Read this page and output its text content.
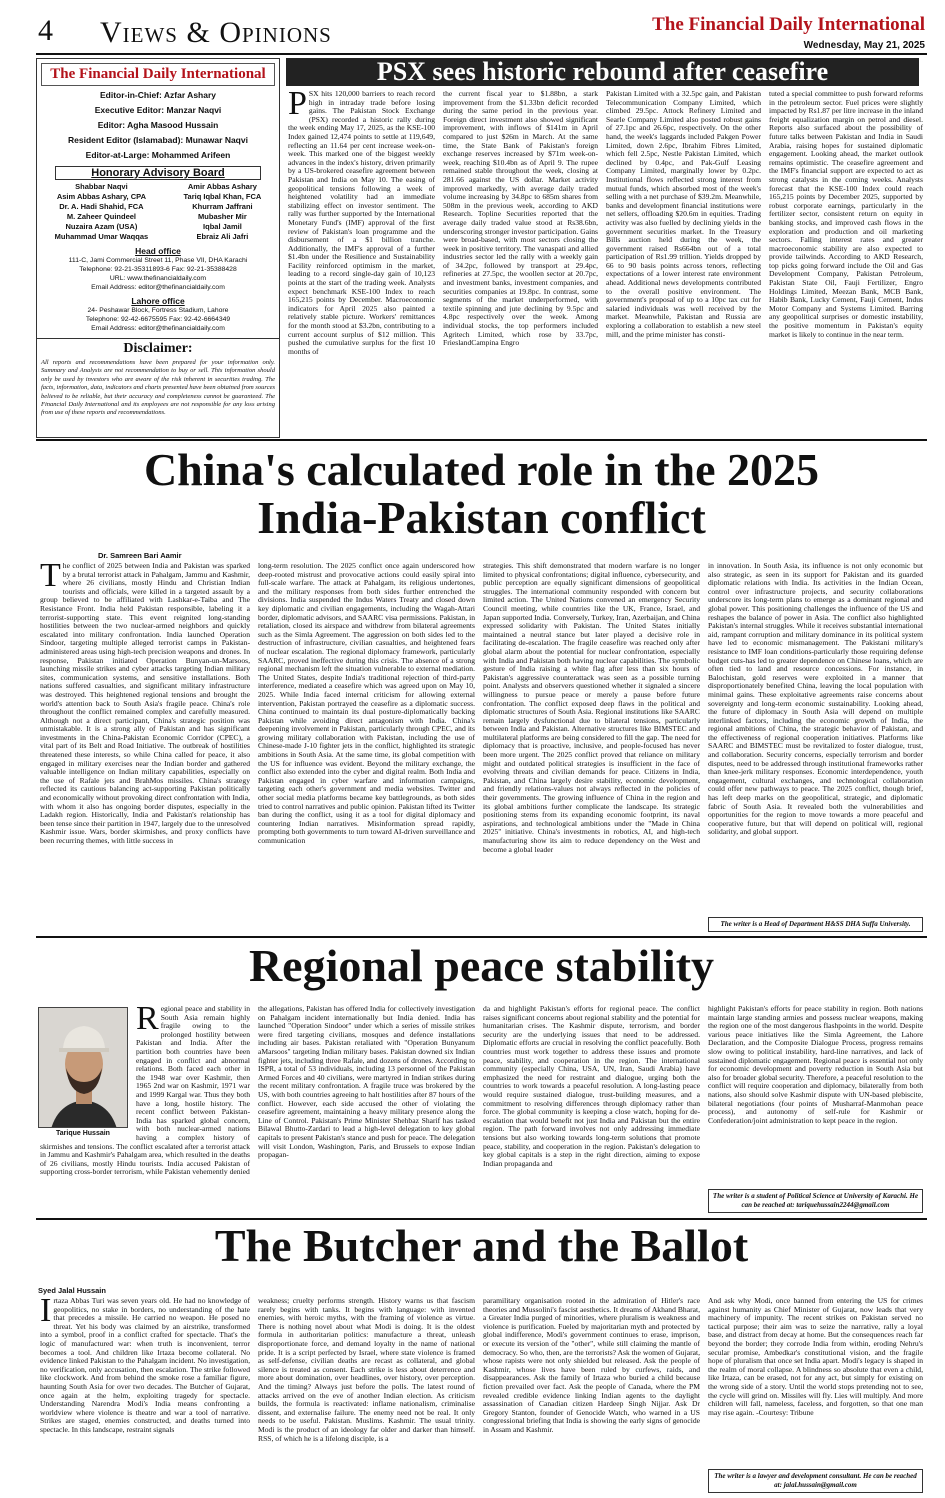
4 Views & Opinions	The Financial Daily International
Wednesday, May 21, 2025
The Financial Daily International
Editor-in-Chief: Azfar Ashary
Executive Editor: Manzar Naqvi
Editor: Agha Masood Hussain
Resident Editor (Islamabad): Munawar Naqvi
Editor-at-Large: Mohammed Arifeen
Honorary Advisory Board
Shabbar Naqvi
Asim Abbas Ashary, CPA
Dr. A. Hadi Shahid, FCA
M. Zaheer Quindeel
Nuzaira Azam (USA)
Muhammad Umar Waqqas
Amir Abbas Ashary
Tariq Iqbal Khan, FCA
Khurram Jaffrani
Mubasher Mir
Iqbal Jamil
Ebraiz Ali Jafri
Head office
111-C, Jami Commercial Street 11, Phase VII, DHA Karachi
Telephone: 92-21-35311893-6 Fax: 92-21-35388428
URL: www.thefinancialdaily.com
Email Address: editor@thefinancialdaily.com
Lahore office
24- Peshawar Block, Fortress Stadium, Lahore
Telephone: 92-42-6675595 Fax: 92-42-6664349
Email Address: editor@thefinancialdaily.com
Disclaimer:
All reports and recommendations have been prepared for your information only. Summary and Analysis are not recommendation to buy or sell. This information should only be used by investors who are aware of the risk inherent in securities trading. The facts, information, data, indicators and charts presented have been obtained from sources believed to be reliable, but their accuracy and completeness cannot be guaranteed. The Financial Daily International and its employees are not responsible for any loss arising from use of these reports and recommendations.
PSX sees historic rebound after ceasefire
PSX hits 120,000 barriers to reach record high in intraday trade before losing gains. The Pakistan Stock Exchange (PSX) recorded a historic rally during the week ending May 17, 2025, as the KSE-100 Index gained 12,474 points to settle at 119,649, reflecting an 11.64 per cent increase week-on-week. This marked one of the biggest weekly advances in the index's history, driven primarily by a US-brokered ceasefire agreement between Pakistan and India on May 10. The easing of geopolitical tensions following a week of heightened volatility had an immediate stabilizing effect on investor sentiment. The rally was further supported by the International Monetary Fund's (IMF) approval of the first review of Pakistan's loan programme and the disbursement of a $1 billion tranche. Additionally, the IMF's approval of a further $1.4bn under the Resilience and Sustainability Facility reinforced optimism in the market, leading to a record single-day gain of 10,123 points at the start of the trading week. Analysts expect benchmark KSE-100 Index to reach 165,215 points by December. Macroeconomic indicators for April 2025 also painted a relatively stable picture. Workers' remittances for the month stood at $3.2bn, contributing to a current account surplus of $12 million. This pushed the cumulative surplus for the first 10 months of
the current fiscal year to $1.88bn, a stark improvement from the $1.33bn deficit recorded during the same period in the previous year. Foreign direct investment also showed significant improvement, with inflows of $141m in April compared to just $26m in March. At the same time, the State Bank of Pakistan's foreign exchange reserves increased by $71m week-on-week, reaching $10.4bn as of April 9. The rupee remained stable throughout the week, closing at 281.66 against the US dollar. Market activity improved markedly, with average daily traded volume increasing by 34.8pc to 685m shares from 508m in the previous week, according to AKD Research. Topline Securities reported that the average daily traded value stood at Rs38.6bn, underscoring stronger investor participation. Gains were broad-based, with most sectors closing the week in positive territory. The vanaspati and allied industries sector led the rally with a weekly gain of 34.2pc, followed by transport at 29.4pc, refineries at 27.5pc, the woollen sector at 20.7pc, and investment banks, investment companies, and securities companies at 19.8pc. In contrast, some segments of the market underperformed, with textile spinning and jute declining by 9.5pc and 4.8pc respectively over the week. Among individual stocks, the top performers included Agritech Limited, which rose by 33.7pc, FrieslandCampina Engro
Pakistan Limited with a 32.5pc gain, and Pakistan Telecommunication Company Limited, which climbed 29.5pc. Attock Refinery Limited and Searle Company Limited also posted robust gains of 27.1pc and 26.6pc, respectively. On the other hand, the week's laggards included Pakgen Power Limited, down 2.6pc, Ibrahim Fibres Limited, which fell 2.5pc, Nestle Pakistan Limited, which declined by 0.4pc, and Pak-Gulf Leasing Company Limited, marginally lower by 0.2pc. Institutional flows reflected strong interest from mutual funds, which absorbed most of the week's selling with a net purchase of $39.2m. Meanwhile, banks and development financial institutions were net sellers, offloading $20.6m in equities. Trading activity was also fuelled by declining yields in the government securities market. In the Treasury Bills auction held during the week, the government raised Rs664bn out of a total participation of Rs1.99 trillion. Yields dropped by 66 to 90 basis points across tenors, reflecting expectations of a lower interest rate environment ahead. Additional news developments contributed to the overall positive environment. The government's proposal of up to a 10pc tax cut for salaried individuals was well received by the market. Meanwhile, Pakistan and Russia are exploring a collaboration to establish a new steel mill, and the prime minister has consti-
tuted a special committee to push forward reforms in the petroleum sector. Fuel prices were slightly impacted by Rs1.87 per litre increase in the inland freight equalization margin on petrol and diesel. Reports also surfaced about the possibility of future talks between Pakistan and India in Saudi Arabia, raising hopes for sustained diplomatic engagement. Looking ahead, the market outlook remains optimistic. The ceasefire agreement and the IMF's financial support are expected to act as strong catalysts in the coming weeks. Analysts forecast that the KSE-100 Index could reach 165,215 points by December 2025, supported by robust corporate earnings, particularly in the fertilizer sector, consistent return on equity in banking stocks, and improved cash flows in the exploration and production and oil marketing sectors. Falling interest rates and greater macroeconomic stability are also expected to provide tailwinds. According to AKD Research, top picks going forward include the Oil and Gas Development Company, Pakistan Petroleum, Pakistan State Oil, Fauji Fertilizer, Engro Holdings Limited, Meezan Bank, MCB Bank, Habib Bank, Lucky Cement, Fauji Cement, Indus Motor Company and Systems Limited. Barring any geopolitical surprises or domestic instability, the positive momentum in Pakistan's equity market is likely to continue in the near term.
China's calculated role in the 2025
India-Pakistan conflict
Dr. Samreen Bari Aamir
The conflict of 2025 between India and Pakistan was sparked by a brutal terrorist attack in Pahalgam, Jammu and Kashmir, where 26 civilians, mostly Hindu and Christian Indian tourists and officials, were killed in a targeted assault by a group believed to be affiliated with Lashkar-e-Taiba and The Resistance Front. India held Pakistan responsible, labeling it a terrorist-supporting state. This event reignited long-standing hostilities between the two nuclear-armed neighbors and quickly escalated into military confrontation. India launched Operation Sindoor, targeting multiple alleged terrorist camps in Pakistan-administered areas using high-tech precision weapons and drones. In response, Pakistan initiated Operation Bunyan-un-Marsoos, launching missile strikes and cyber attacks targeting Indian military sites, communication systems, and sensitive installations. Both nations suffered casualties, and significant military infrastructure was destroyed. This heightened regional tensions and brought the world's attention back to South Asia's fragile peace. China's role throughout the conflict remained complex and carefully measured. Although not a direct participant, China's strategic position was unmistakable. It is a strong ally of Pakistan and has significant investments in the China-Pakistan Economic Corridor (CPEC), a vital part of its Belt and Road Initiative. The outbreak of hostilities threatened these interests, so while China called for peace, it also engaged in military exercises near the Indian border and gathered valuable intelligence on Indian military capabilities, especially on the use of Rafale jets and BrahMos missiles. China's strategy reflected its cautious balancing act-supporting Pakistan politically and economically without provoking direct confrontation with India, with whom it also has ongoing border disputes, especially in the Ladakh region. Historically, India and Pakistan's relationship has been tense since their partition in 1947, largely due to the unresolved Kashmir issue. Wars, border skirmishes, and proxy conflicts have been recurring themes, with little success in
long-term resolution. The 2025 conflict once again underscored how deep-rooted mistrust and provocative actions could easily spiral into full-scale warfare. The attack at Pahalgam, its religious undertones, and the military responses from both sides further entrenched the divisions. India suspended the Indus Waters Treaty and closed down key diplomatic and civilian engagements, including the Wagah-Attari border, diplomatic advisors, and SAARC visa permissions. Pakistan, in retaliation, closed its airspace and withdrew from bilateral agreements such as the Simla Agreement. The aggression on both sides led to the destruction of infrastructure, civilian casualties, and heightened fears of nuclear escalation. The regional diplomacy framework, particularly SAARC, proved ineffective during this crisis. The absence of a strong regional mechanism left the situation vulnerable to external mediation. The United States, despite India's traditional rejection of third-party interference, mediated a ceasefire which was agreed upon on May 10, 2025. While India faced internal criticism for allowing external intervention, Pakistan portrayed the ceasefire as a diplomatic success. China continued to maintain its dual posture-diplomatically backing Pakistan while avoiding direct antagonism with India. China's deepening involvement in Pakistan, particularly through CPEC, and its growing military collaboration with Pakistan, including the use of Chinese-made J-10 fighter jets in the conflict, highlighted its strategic ambitions in South Asia. At the same time, its global competition with the US for influence was evident. Beyond the military exchange, the conflict also extended into the cyber and digital realm. Both India and Pakistan engaged in cyber warfare and information campaigns, targeting each other's government and media websites. Twitter and other social media platforms became key battlegrounds, as both sides tried to control narratives and public opinion. Pakistan lifted its Twitter ban during the conflict, using it as a tool for digital diplomacy and countering Indian narratives. Misinformation spread rapidly, prompting both governments to turn toward AI-driven surveillance and communication
strategies. This shift demonstrated that modern warfare is no longer limited to physical confrontations; digital influence, cybersecurity, and public perception are equally significant dimensions of geopolitical struggles. The international community responded with concern but limited action. The United Nations convened an emergency Security Council meeting, while countries like the UK, France, Israel, and Japan supported India. Conversely, Turkey, Iran, Azerbaijan, and China expressed solidarity with Pakistan. The United States initially maintained a neutral stance but later played a decisive role in facilitating de-escalation. The fragile ceasefire was reached only after global alarm about the potential for nuclear confrontation, especially with India and Pakistan both having nuclear capabilities. The symbolic gesture of India raising a white flag after less than six hours of Pakistan's aggressive counterattack was seen as a possible turning point. Analysts and observers questioned whether it signaled a sincere willingness to pursue peace or merely a pause before future confrontation. The conflict exposed deep flaws in the political and diplomatic structures of South Asia. Regional institutions like SAARC remain largely dysfunctional due to bilateral tensions, particularly between India and Pakistan. Alternative structures like BIMSTEC and multilateral platforms are being considered to fill the gap. The need for diplomacy that is proactive, inclusive, and people-focused has never been more urgent. The 2025 conflict proved that reliance on military might and outdated political strategies is insufficient in the face of evolving threats and civilian demands for peace. Citizens in India, Pakistan, and China largely desire stability, economic development, and friendly relations-values not always reflected in the policies of their governments. The growing influence of China in the region and its global ambitions further complicate the landscape. Its strategic positioning stems from its expanding economic footprint, its naval aspirations, and technological ambitions under the "Made in China 2025" initiative. China's investments in robotics, AI, and high-tech manufacturing show its aim to reduce dependency on the West and become a global leader
in innovation. In South Asia, its influence is not only economic but also strategic, as seen in its support for Pakistan and its guarded diplomatic relations with India. Its activities in the Indian Ocean, control over infrastructure projects, and security collaborations underscore its long-term plans to emerge as a dominant regional and global power. This positioning challenges the influence of the US and reshapes the balance of power in Asia. The conflict also highlighted Pakistan's internal struggles. While it receives substantial international aid, rampant corruption and military dominance in its political system have led to economic mismanagement. The Pakistani military's resistance to IMF loan conditions-particularly those requiring defense budget cuts-has led to greater dependence on Chinese loans, which are often tied to land and resource concessions. For instance, in Balochistan, gold reserves were exploited in a manner that disproportionately benefited China, leaving the local population with minimal gains. These exploitative agreements raise concerns about sovereignty and long-term economic sustainability. Looking ahead, the future of diplomacy in South Asia will depend on multiple interlinked factors, including the economic growth of India, the regional ambitions of China, the strategic behavior of Pakistan, and the effectiveness of regional cooperation initiatives. Platforms like SAARC and BIMSTEC must be revitalized to foster dialogue, trust, and collaboration. Security concerns, especially terrorism and border disputes, need to be addressed through institutional frameworks rather than knee-jerk military responses. Economic interdependence, youth engagement, cultural exchanges, and technological collaboration could offer new pathways to peace. The 2025 conflict, though brief, has left deep marks on the geopolitical, strategic, and diplomatic fabric of South Asia. It revealed both the vulnerabilities and opportunities for the region to move towards a more peaceful and cooperative future, but that will depend on political will, regional solidarity, and global support.
The writer is a Head of Department H&SS DHA Suffa University.
Regional peace stability
Tarique Hussain
Regional peace and stability in South Asia remain highly fragile owing to the prolonged hostility between Pakistan and India. After the partition both countries have been engaged in conflict and abnormal relations. Both faced each other in the 1948 war over Kashmir, then 1965 2nd war on Kashmir, 1971 war and 1999 Kargal war. Thus they both have a long, hostile history. The recent conflict between Pakistan-India has sparked global concern, with both nuclear-armed nations having a complex history of skirmishes and tensions. The conflict escalated after a terrorist attack in Jammu and Kashmir's Pahalgam area, which resulted in the deaths of 26 civilians, mostly Hindu tourists. India accused Pakistan of supporting cross-border terrorism, while Pakistan vehemently denied
the allegations, Pakistan has offered India for collectively investigation on Pahalgam incident internationally but India denied. India has launched "Operation Sindoor" under which a series of missile strikes were fired targeting civilians, mosques and defence installations including air bases. Pakistan retaliated with "Operation Bunyanum aMarsoos" targeting Indian military bases. Pakistan downed six Indian fighter jets, including three Rafale, and dozens of drones. According to ISPR, a total of 53 individuals, including 13 personnel of the Pakistan Armed Forces and 40 civilians, were martyred in Indian strikes during the recent military confrontation. A fragile truce was brokered by the US, with both countries agreeing to halt hostilities after 87 hours of the conflict. However, each side accused the other of violating the ceasefire agreement, maintaining a heavy military presence along the Line of Control. Pakistan's Prime Minister Shehbaz Sharif has tasked Bilawal Bhutto-Zardari to lead a high-level delegation to key global capitals to present Pakistan's stance and push for peace. The delegation will visit London, Washington, Paris, and Brussels to expose Indian propagan-
da and highlight Pakistan's efforts for regional peace. The conflict raises significant concerns about regional stability and the potential for humanitarian crises. The Kashmir dispute, terrorism, and border security are the underlying issues that need to be addressed. Diplomatic efforts are crucial in resolving the conflict peacefully. Both countries must work together to address these issues and promote peace, stability, and cooperation in the region. The international community (especially China, USA, UN, Iran, Saudi Arabia) have emphasized the need for restraint and dialogue, urging both the countries to work towards a peaceful resolution. A long-lasting peace would require sustained dialogue, trust-building measures, and a commitment to resolving differences through diplomacy rather than force. The global community is keeping a close watch, hoping for de-escalation that would benefit not just India and Pakistan but the entire region. The path forward involves not only addressing immediate tensions but also working towards long-term solutions that promote peace, stability, and cooperation in the region. Pakistan's delegation to key global capitals is a step in the right direction, aiming to expose Indian propaganda and
highlight Pakistan's efforts for peace stability in region. Both nations maintain large standing armies and possess nuclear weapons, making the region one of the most dangerous flashpoints in the world. Despite various peace initiatives like the Simla Agreement, the Lahore Declaration, and the Composite Dialogue Process, progress remains slow owing to political instability, hard-line narratives, and lack of sustained diplomatic engagement. Regional peace is essential not only for economic development and poverty reduction in South Asia but also for broader global security. Therefore, a peaceful resolution to the conflict will require cooperation and diplomacy, bilaterally from both nations, also should solve Kashmir dispute with UN-based plebiscite, bilateral negotiations (four points of Musharraf-Manmohan peace process), and autonomy of self-rule for Kashmir or Confederation/joint administration to kept peace in the region.
The writer is a student of Political Science at University of Karachi. He can be reached at: tariquehussain2244@gmail.com
The Butcher and the Ballot
Syed Jalal Hussain
Irtaza Abbas Turi was seven years old. He had no knowledge of geopolitics, no stake in borders, no understanding of the hate that precedes a missile. He carried no weapon. He posed no threat. Yet his body was claimed by an airstrike, transformed into a symbol, proof in a conflict crafted for spectacle. That's the logic of manufactured war: when truth is inconvenient, terror becomes a tool. And children like Irtaza become collateral. No evidence linked Pakistan to the Pahalgam incident. No investigation, no verification, only accusation, then escalation. The strike followed like clockwork. And from behind the smoke rose a familiar figure, haunting South Asia for over two decades. The Butcher of Gujarat, once again at the helm, exploiting tragedy for spectacle. Understanding Narendra Modi's India means confronting a worldview where violence is theatre and war a tool of narrative. Strikes are staged, enemies constructed, and deaths turned into spectacle. In this landscape, restraint signals
weakness; cruelty performs strength. History warns us that fascism rarely begins with tanks. It begins with language: with invented enemies, with heroic myths, with the framing of violence as virtue. There is nothing novel about what Modi is doing. It is the oldest formula in authoritarian politics: manufacture a threat, unleash disproportionate force, and demand loyalty in the name of national pride. It is a script perfected by Israel, where state violence is framed as self-defense, civilian deaths are recast as collateral, and global silence is treated as consent. Each strike is less about deterrence and more about domination, over headlines, over history, over perception. And the timing? Always just before the polls. The latest round of attacks arrived on the eve of another Indian election. As criticism builds, the formula is reactivated: inflame nationalism, criminalise dissent, and externalise failure. The enemy need not be real. It only needs to be useful. Pakistan. Muslims. Kashmir. The usual trinity. Modi is the product of an ideology far older and darker than himself. RSS, of which he is a lifelong disciple, is a
paramilitary organisation rooted in the admiration of Hitler's race theories and Mussolini's fascist aesthetics. It dreams of Akhand Bharat, a Greater India purged of minorities, where pluralism is weakness and violence is purification. Fueled by majoritarian myth and protected by global indifference, Modi's government continues to erase, imprison, or execute its version of the "other", while still claiming the mantle of democracy. So who, then, are the terrorists? Ask the women of Gujarat, whose rapists were not only shielded but released. Ask the people of Kashmir, whose lives have been ruled by curfews, raids, and disappearances. Ask the family of Irtaza who buried a child because fiction prevailed over fact. Ask the people of Canada, where the PM revealed credible evidence linking Indian agents to the daylight assassination of Canadian citizen Hardeep Singh Nijjar. Ask Dr Gregory Stanton, founder of Genocide Watch, who warned in a US congressional briefing that India is showing the early signs of genocide in Assam and Kashmir.
And ask why Modi, once banned from entering the US for crimes against humanity as Chief Minister of Gujarat, now leads that very machinery of impunity. The recent strikes on Pakistan served no tactical purpose; their aim was to seize the narrative, rally a loyal base, and distract from decay at home. But the consequences reach far beyond the border; they corrode India from within, eroding Nehru's secular promise, Ambedkar's constitutional vision, and the fragile hope of pluralism that once set India apart. Modi's legacy is shaped in the realm of moral collapse. A blindness so absolute that even a child, like Irtaza, can be erased, not for any act, but simply for existing on the wrong side of a story. Until the world stops pretending not to see, the cycle will grind on. Missiles will fly. Lies will multiply. And more children will fall, nameless, faceless, and forgotten, so that one man may rise again. -Courtesy: Tribune
The writer is a lawyer and development consultant. He can be reached at: jalal.hussain@gmail.com
